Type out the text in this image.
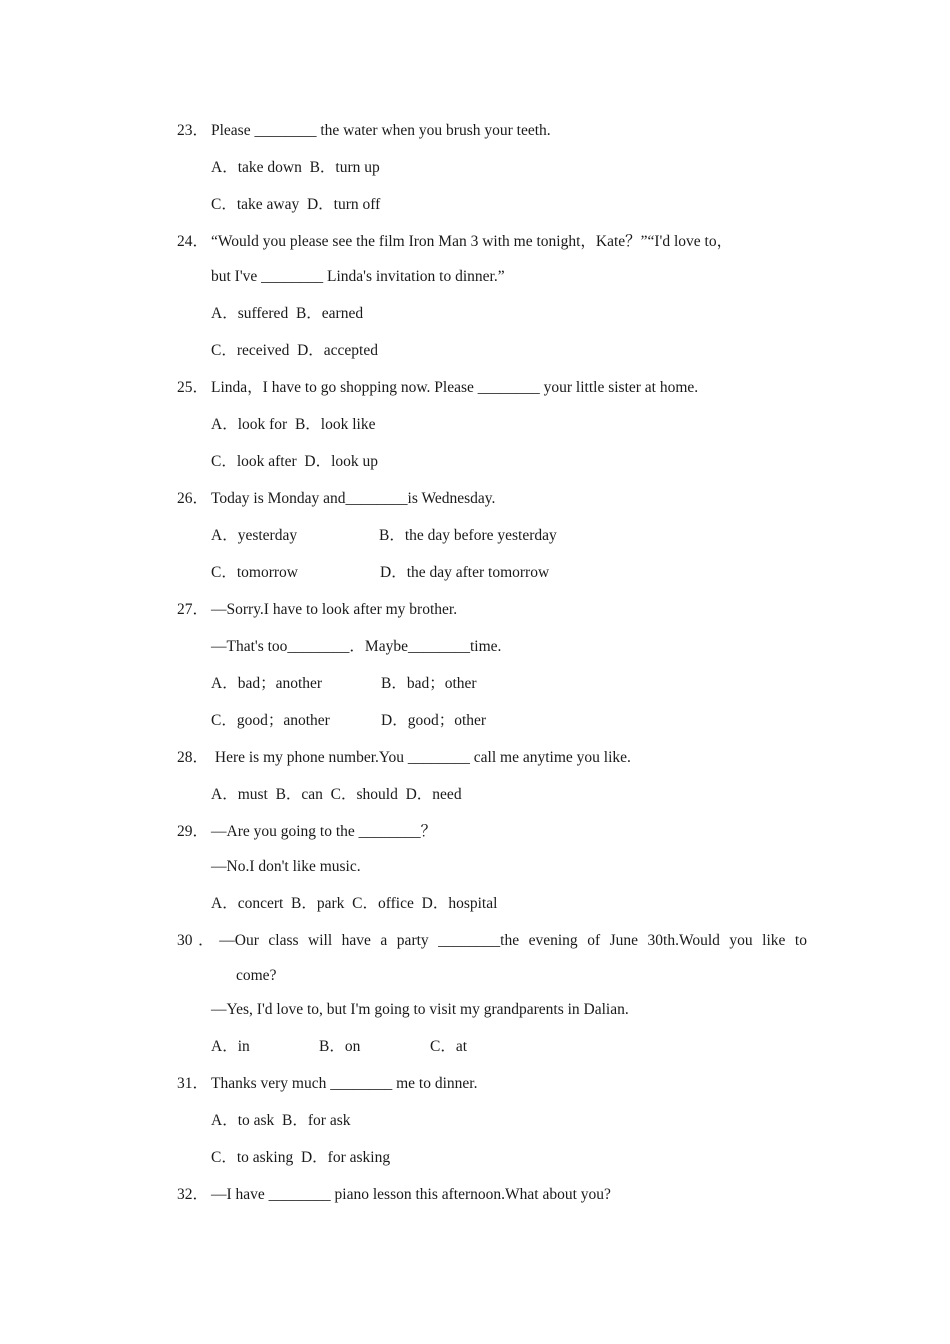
23． Please ________ the water when you brush your teeth.
A．take down  B．turn up
C．take away  D．turn off
24． “Would you please see the film Iron Man 3 with me tonight，Kate？”“I'd love to，
but I've ________ Linda's invitation to dinner.”
A．suffered  B．earned
C．received  D．accepted
25． Linda，I have to go shopping now. Please ________ your little sister at home.
A．look for  B．look like
C．look after  D．look up
26． Today is Monday and________is Wednesday.
A．yesterday	B．the day before yesterday
C．tomorrow	D．the day after tomorrow
27． —Sorry.I have to look after my brother.
—That's too________．Maybe________time.
A．bad；another	B．bad；other
C．good；another	D．good；other
28． Here is my phone number.You ________ call me anytime you like.
A．must  B．can  C．should  D．need
29． —Are you going to the ________？
—No.I don't like music.
A．concert  B．park  C．office  D．hospital
30．—Our class will have a party ________the evening of June 30th.Would you like to
come?
—Yes, I'd love to, but I'm going to visit my grandparents in Dalian.
A．in	B．on	C．at
31． Thanks very much ________ me to dinner.
A．to ask  B．for ask
C．to asking  D．for asking
32． —I have ________ piano lesson this afternoon.What about you?
